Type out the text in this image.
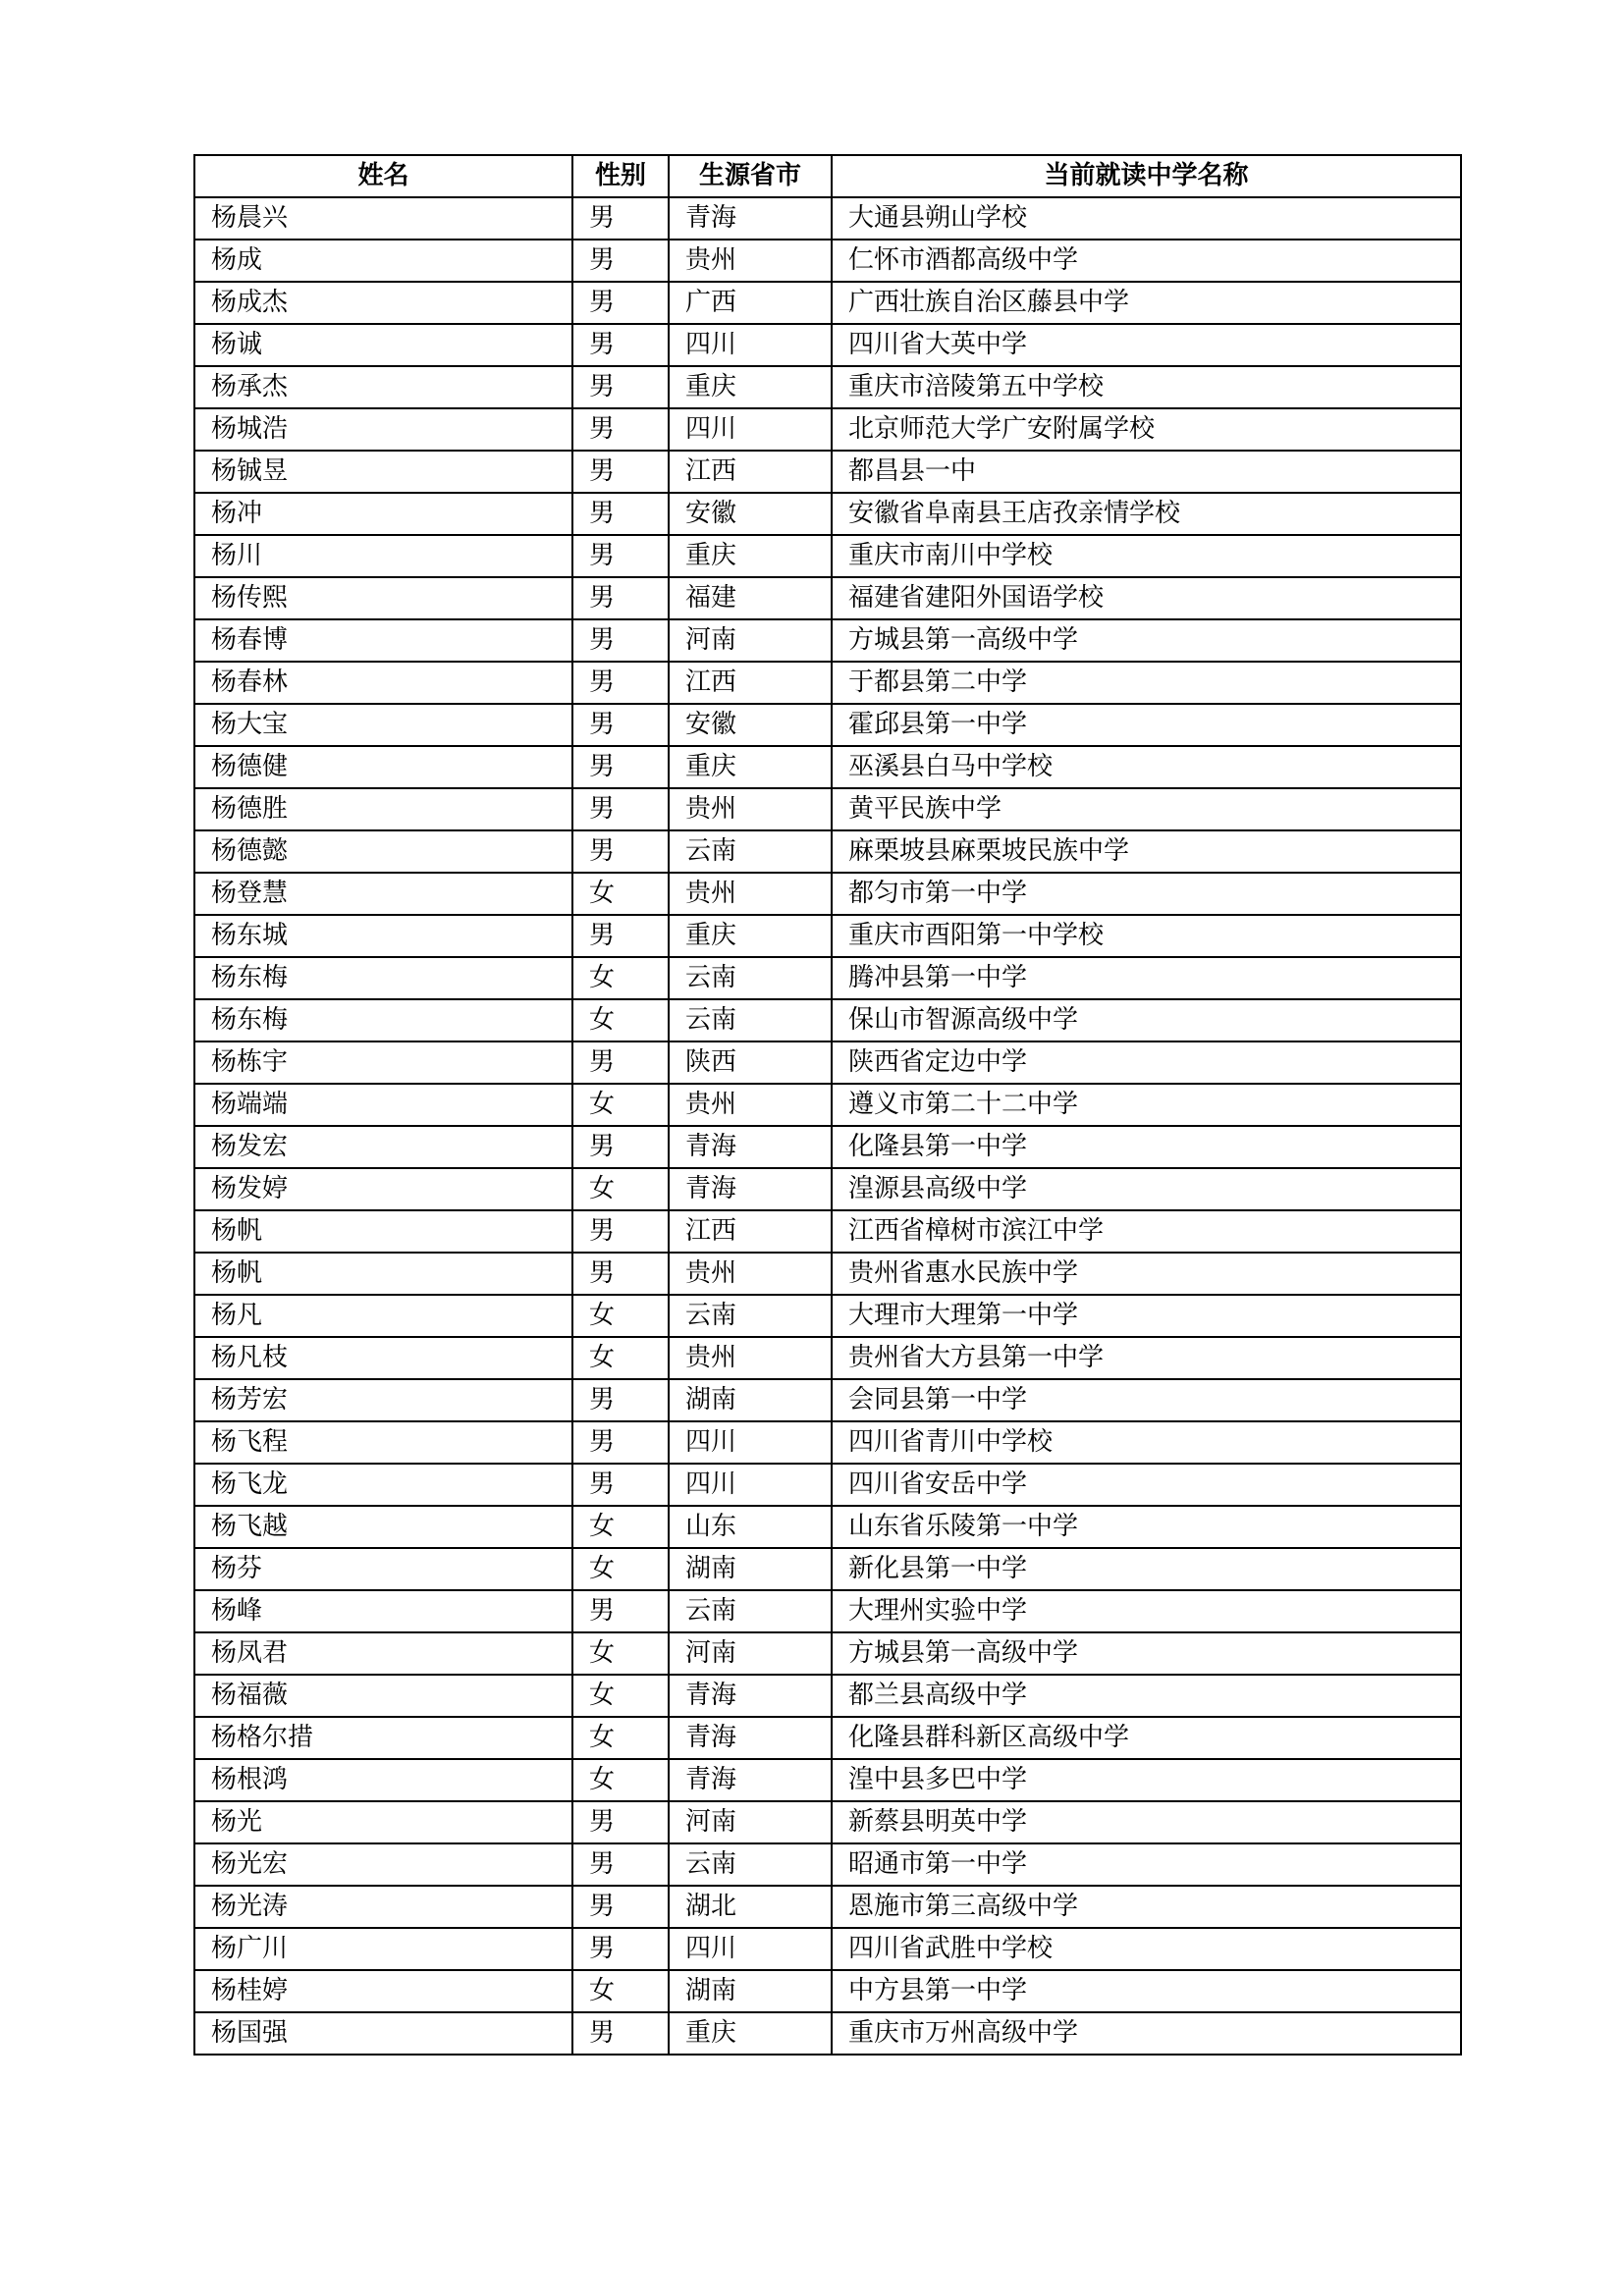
姓名	性别	生源省市	当前就读中学名称
杨晨兴	男	青海	大通县朔山学校
杨成	男	贵州	仁怀市酒都高级中学
杨成杰	男	广西	广西壮族自治区藤县中学
杨诚	男	四川	四川省大英中学
杨承杰	男	重庆	重庆市涪陵第五中学校
杨城浩	男	四川	北京师范大学广安附属学校
杨铖昱	男	江西	都昌县一中
杨冲	男	安徽	安徽省阜南县王店孜亲情学校
杨川	男	重庆	重庆市南川中学校
杨传熙	男	福建	福建省建阳外国语学校
杨春博	男	河南	方城县第一高级中学
杨春林	男	江西	于都县第二中学
杨大宝	男	安徽	霍邱县第一中学
杨德健	男	重庆	巫溪县白马中学校
杨德胜	男	贵州	黄平民族中学
杨德懿	男	云南	麻栗坡县麻栗坡民族中学
杨登慧	女	贵州	都匀市第一中学
杨东城	男	重庆	重庆市酉阳第一中学校
杨东梅	女	云南	腾冲县第一中学
杨东梅	女	云南	保山市智源高级中学
杨栋宇	男	陕西	陕西省定边中学
杨端端	女	贵州	遵义市第二十二中学
杨发宏	男	青海	化隆县第一中学
杨发婷	女	青海	湟源县高级中学
杨帆	男	江西	江西省樟树市滨江中学
杨帆	男	贵州	贵州省惠水民族中学
杨凡	女	云南	大理市大理第一中学
杨凡枝	女	贵州	贵州省大方县第一中学
杨芳宏	男	湖南	会同县第一中学
杨飞程	男	四川	四川省青川中学校
杨飞龙	男	四川	四川省安岳中学
杨飞越	女	山东	山东省乐陵第一中学
杨芬	女	湖南	新化县第一中学
杨峰	男	云南	大理州实验中学
杨凤君	女	河南	方城县第一高级中学
杨福薇	女	青海	都兰县高级中学
杨格尔措	女	青海	化隆县群科新区高级中学
杨根鸿	女	青海	湟中县多巴中学
杨光	男	河南	新蔡县明英中学
杨光宏	男	云南	昭通市第一中学
杨光涛	男	湖北	恩施市第三高级中学
杨广川	男	四川	四川省武胜中学校
杨桂婷	女	湖南	中方县第一中学
杨国强	男	重庆	重庆市万州高级中学
